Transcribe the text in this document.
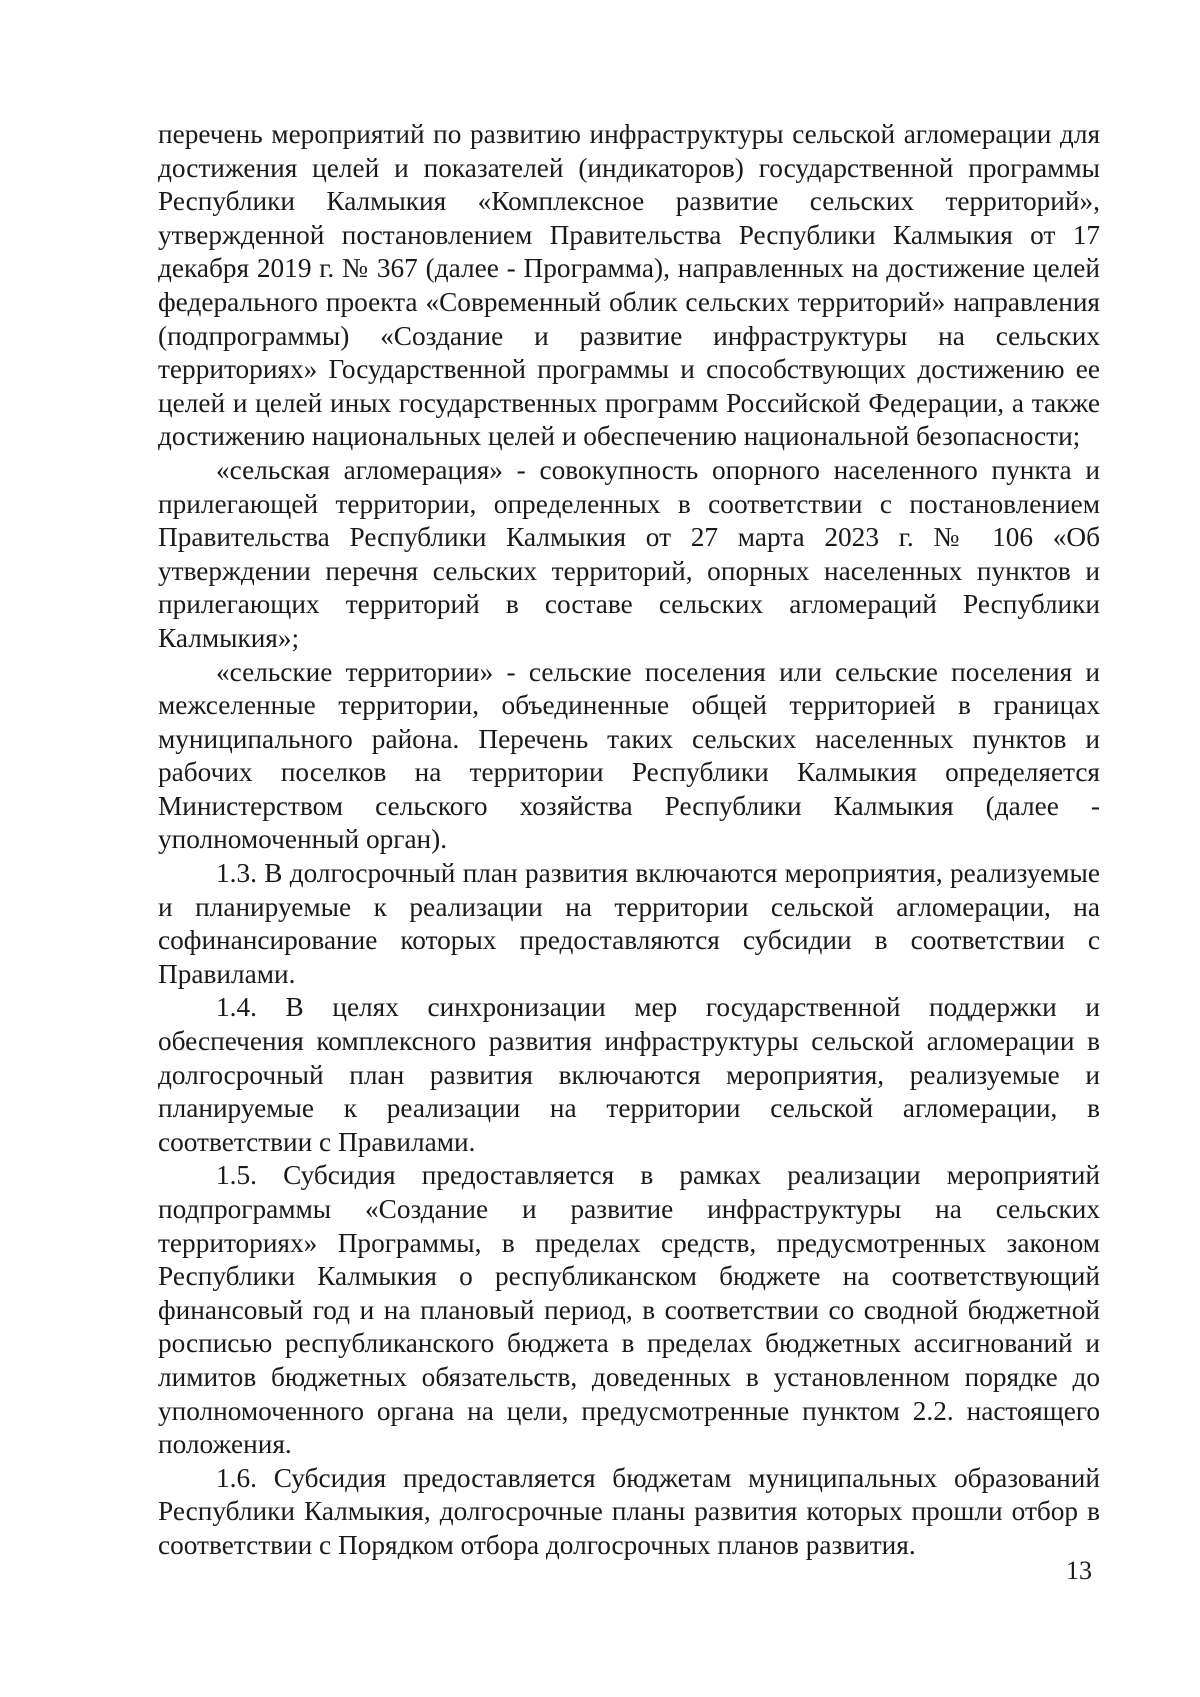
перечень мероприятий по развитию инфраструктуры сельской агломерации для достижения целей и показателей (индикаторов) государственной программы Республики Калмыкия «Комплексное развитие сельских территорий», утвержденной постановлением Правительства Республики Калмыкия от 17 декабря 2019 г. № 367 (далее - Программа), направленных на достижение целей федерального проекта «Современный облик сельских территорий» направления (подпрограммы) «Создание и развитие инфраструктуры на сельских территориях» Государственной программы и способствующих достижению ее целей и целей иных государственных программ Российской Федерации, а также достижению национальных целей и обеспечению национальной безопасности;

«сельская агломерация» - совокупность опорного населенного пункта и прилегающей территории, определенных в соответствии с постановлением Правительства Республики Калмыкия от 27 марта 2023 г. № 106 «Об утверждении перечня сельских территорий, опорных населенных пунктов и прилегающих территорий в составе сельских агломераций Республики Калмыкия»;

«сельские территории» - сельские поселения или сельские поселения и межселенные территории, объединенные общей территорией в границах муниципального района. Перечень таких сельских населенных пунктов и рабочих поселков на территории Республики Калмыкия определяется Министерством сельского хозяйства Республики Калмыкия (далее - уполномоченный орган).

1.3. В долгосрочный план развития включаются мероприятия, реализуемые и планируемые к реализации на территории сельской агломерации, на софинансирование которых предоставляются субсидии в соответствии с Правилами.

1.4. В целях синхронизации мер государственной поддержки и обеспечения комплексного развития инфраструктуры сельской агломерации в долгосрочный план развития включаются мероприятия, реализуемые и планируемые к реализации на территории сельской агломерации, в соответствии с Правилами.

1.5. Субсидия предоставляется в рамках реализации мероприятий подпрограммы «Создание и развитие инфраструктуры на сельских территориях» Программы, в пределах средств, предусмотренных законом Республики Калмыкия о республиканском бюджете на соответствующий финансовый год и на плановый период, в соответствии со сводной бюджетной росписью республиканского бюджета в пределах бюджетных ассигнований и лимитов бюджетных обязательств, доведенных в установленном порядке до уполномоченного органа на цели, предусмотренные пунктом 2.2. настоящего положения.

1.6. Субсидия предоставляется бюджетам муниципальных образований Республики Калмыкия, долгосрочные планы развития которых прошли отбор в соответствии с Порядком отбора долгосрочных планов развития.

13
